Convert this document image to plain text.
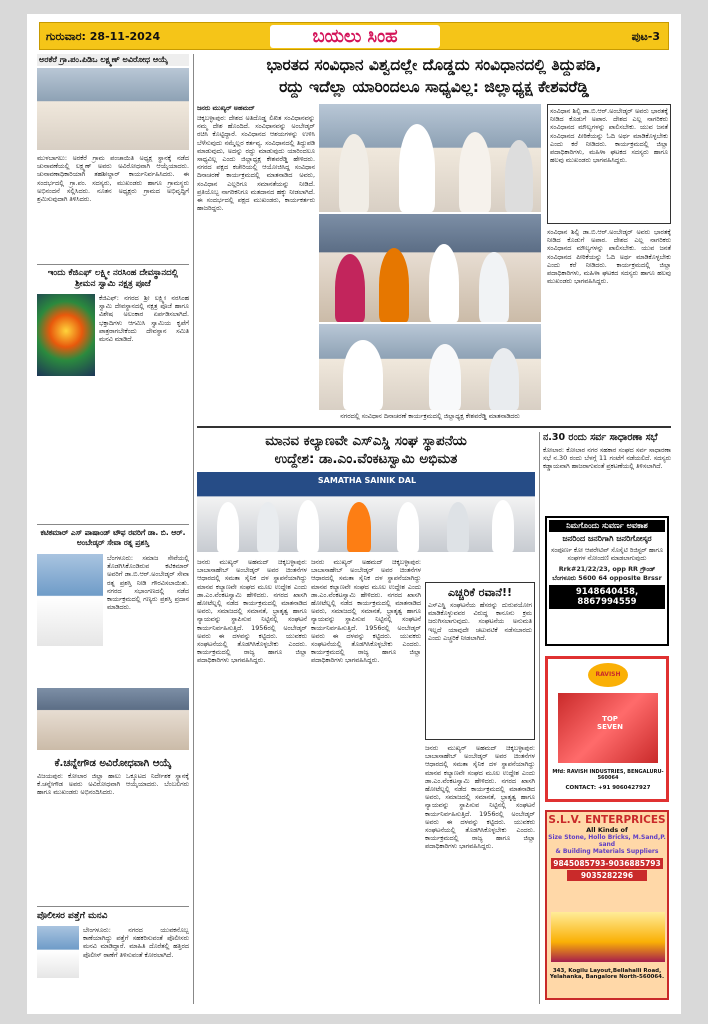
ಗುರುವಾರ: 28-11-2024	ಬಯಲು ಸಿಂಹ	ಪುಟ-3
ಅರಕೆರೆ ಗ್ರಾ.ಪಂ.ಪಿಡಿಒ ಲಕ್ಷ್ಮಣ್ ಅವಿರೋಧ ಆಯ್ಕೆ
ಮುಳಬಾಗಲು: ಅರಕೆರೆ ಗ್ರಾಮ ಪಂಚಾಯಿತಿ ಅಧ್ಯಕ್ಷ ಸ್ಥಾನಕ್ಕೆ ನಡೆದ ಚುನಾವಣೆಯಲ್ಲಿ ಲಕ್ಷ್ಮಣ್ ಅವರು ಅವಿರೋಧವಾಗಿ ಆಯ್ಕೆಯಾದರು. ಚುನಾವಣಾಧಿಕಾರಿಯಾಗಿ ತಹಶೀಲ್ದಾರ್ ಕಾರ್ಯನಿರ್ವಹಿಸಿದರು. ಈ ಸಂದರ್ಭದಲ್ಲಿ ಗ್ರಾ.ಪಂ. ಸದಸ್ಯರು, ಮುಖಂಡರು ಹಾಗೂ ಗ್ರಾಮಸ್ಥರು ಅಭಿನಂದನೆ ಸಲ್ಲಿಸಿದರು. ನೂತನ ಅಧ್ಯಕ್ಷರು ಗ್ರಾಮದ ಅಭಿವೃದ್ಧಿಗೆ ಶ್ರಮಿಸುವುದಾಗಿ ತಿಳಿಸಿದರು.
ಇಂದು ಕೆಜಿಎಫ್ ಲಕ್ಷ್ಮೀ ನರಸಿಂಹ ದೇವಸ್ಥಾನದಲ್ಲಿ ಶ್ರೀಮನ ಸ್ವಾಮಿ ನಕ್ಷತ್ರ ಪೂಜೆ
ಕೆಜಿಎಫ್: ನಗರದ ಶ್ರೀ ಲಕ್ಷ್ಮೀ ನರಸಿಂಹ ಸ್ವಾಮಿ ದೇವಸ್ಥಾನದಲ್ಲಿ ನಕ್ಷತ್ರ ಪೂಜೆ ಹಾಗೂ ವಿಶೇಷ ಅಲಂಕಾರ ಏರ್ಪಡಿಸಲಾಗಿದೆ. ಭಕ್ತಾದಿಗಳು ಆಗಮಿಸಿ ಸ್ವಾಮಿಯ ಕೃಪೆಗೆ ಪಾತ್ರರಾಗಬೇಕೆಂದು ದೇವಸ್ಥಾನ ಸಮಿತಿ ಮನವಿ ಮಾಡಿದೆ.
ಕಟಿಕಮಾರ್ ಎಸ್ ಪಾಷಾಂಡ್ ಟೌಫ ರವರಿಗೆ ಡಾ. ಬಿ. ಆರ್. ಅಂಬೇಡ್ಕರ್ ಸೇವಾ ರತ್ನ ಪ್ರಶಸ್ತಿ
ಬೆಂಗಳೂರು: ಸಮಾಜ ಸೇವೆಯಲ್ಲಿ ತೊಡಗಿಸಿಕೊಂಡಿರುವ ಕಟಿಕಮಾರ್ ಅವರಿಗೆ ಡಾ.ಬಿ.ಆರ್.ಅಂಬೇಡ್ಕರ್ ಸೇವಾ ರತ್ನ ಪ್ರಶಸ್ತಿ ನೀಡಿ ಗೌರವಿಸಲಾಯಿತು. ನಗರದ ಸಭಾಂಗಣದಲ್ಲಿ ನಡೆದ ಕಾರ್ಯಕ್ರಮದಲ್ಲಿ ಗಣ್ಯರು ಪ್ರಶಸ್ತಿ ಪ್ರದಾನ ಮಾಡಿದರು.
ಕೆ.ಚನ್ನೇಗೌಡ ಅವಿರೋಧವಾಗಿ ಆಯ್ಕೆ
ವಿಜಯಪುರ: ಕೋಲಾರ ಜಿಲ್ಲಾ ಹಾಲು ಒಕ್ಕೂಟದ ನಿರ್ದೇಶಕ ಸ್ಥಾನಕ್ಕೆ ಕೆ.ಚನ್ನೇಗೌಡ ಅವರು ಅವಿರೋಧವಾಗಿ ಆಯ್ಕೆಯಾದರು. ಬೆಂಬಲಿಗರು ಹಾಗೂ ಮುಖಂಡರು ಅಭಿನಂದಿಸಿದರು.
ಪೊಲೀಸರ ಪತ್ತೆಗೆ ಮನವಿ
ಬೇಂಗಳೂರು: ನಗರದ ಯುವಕನೊಬ್ಬ ಕಾಣೆಯಾಗಿದ್ದು ಪತ್ತೆಗೆ ಸಹಕರಿಸುವಂತೆ ಪೊಲೀಸರು ಮನವಿ ಮಾಡಿದ್ದಾರೆ. ಮಾಹಿತಿ ದೊರೆತಲ್ಲಿ ಹತ್ತಿರದ ಪೊಲೀಸ್ ಠಾಣೆಗೆ ತಿಳಿಸುವಂತೆ ಕೋರಲಾಗಿದೆ.
ಭಾರತದ ಸಂವಿಧಾನ ವಿಶ್ವದಲ್ಲೇ ದೊಡ್ಡದು ಸಂವಿಧಾನದಲ್ಲಿ ತಿದ್ದುಪಡಿ,
ರದ್ದು ಇದೆಲ್ಲಾ ಯಾರಿಂದಲೂ ಸಾಧ್ಯವಿಲ್ಲ: ಜಿಲ್ಲಾಧ್ಯಕ್ಷ ಕೇಶವರೆಡ್ಡಿ
ಜನರು ಮುಖ್ಯರ್ ಅಹಮದ್
ಚಿಕ್ಕಬಳ್ಳಾಪುರ: ದೇಶದ ಅತಿದೊಡ್ಡ ಲಿಖಿತ ಸಂವಿಧಾನವನ್ನು ನಮ್ಮ ದೇಶ ಹೊಂದಿದೆ. ಸಂವಿಧಾನವನ್ನು ಅಂಬೇಡ್ಕರ್ ರಚಿಸಿ ಕೊಟ್ಟಿದ್ದಾರೆ. ಸಂವಿಧಾನದ ಆಶಯಗಳನ್ನು ಉಳಿಸಿ ಬೆಳೆಸುವುದು ನಮ್ಮೆಲ್ಲರ ಕರ್ತವ್ಯ. ಸಂವಿಧಾನದಲ್ಲಿ ತಿದ್ದುಪಡಿ ಮಾಡುವುದು, ಅದನ್ನು ರದ್ದು ಮಾಡುವುದು ಯಾರಿಂದಲೂ ಸಾಧ್ಯವಿಲ್ಲ ಎಂದು ಜಿಲ್ಲಾಧ್ಯಕ್ಷ ಕೇಶವರೆಡ್ಡಿ ಹೇಳಿದರು. ನಗರದ ಪಕ್ಷದ ಕಚೇರಿಯಲ್ಲಿ ಆಯೋಜಿಸಿದ್ದ ಸಂವಿಧಾನ ದಿನಾಚರಣೆ ಕಾರ್ಯಕ್ರಮದಲ್ಲಿ ಮಾತನಾಡಿದ ಅವರು, ಸಂವಿಧಾನ ಎಲ್ಲರಿಗೂ ಸಮಾನತೆಯನ್ನು ನೀಡಿದೆ. ಪ್ರತಿಯೊಬ್ಬ ನಾಗರಿಕನಿಗೂ ಮತದಾನದ ಹಕ್ಕು ನೀಡಲಾಗಿದೆ. ಈ ಸಂದರ್ಭದಲ್ಲಿ ಪಕ್ಷದ ಮುಖಂಡರು, ಕಾರ್ಯಕರ್ತರು ಹಾಜರಿದ್ದರು.
ನಗರದಲ್ಲಿ ಸಂವಿಧಾನ ದಿನಾಚರಣೆ ಕಾರ್ಯಕ್ರಮದಲ್ಲಿ ಜಿಲ್ಲಾಧ್ಯಕ್ಷ ಕೇಶವರೆಡ್ಡಿ ಮಾತನಾಡಿದರು
ಸಂವಿಧಾನ ಶಿಲ್ಪಿ ಡಾ.ಬಿ.ಆರ್.ಅಂಬೇಡ್ಕರ್ ಅವರು ಭಾರತಕ್ಕೆ ನೀಡಿದ ಕೊಡುಗೆ ಅಪಾರ. ದೇಶದ ಎಲ್ಲ ನಾಗರಿಕರು ಸಂವಿಧಾನದ ಮೌಲ್ಯಗಳನ್ನು ಪಾಲಿಸಬೇಕು. ಯುವ ಜನತೆ ಸಂವಿಧಾನದ ಪೀಠಿಕೆಯನ್ನು ಓದಿ ಅರ್ಥ ಮಾಡಿಕೊಳ್ಳಬೇಕು ಎಂದು ಕರೆ ನೀಡಿದರು. ಕಾರ್ಯಕ್ರಮದಲ್ಲಿ ಜಿಲ್ಲಾ ಪದಾಧಿಕಾರಿಗಳು, ಮಹಿಳಾ ಘಟಕದ ಸದಸ್ಯರು ಹಾಗೂ ಹಲವು ಮುಖಂಡರು ಭಾಗವಹಿಸಿದ್ದರು.
ಸಂವಿಧಾನ ಶಿಲ್ಪಿ ಡಾ.ಬಿ.ಆರ್.ಅಂಬೇಡ್ಕರ್ ಅವರು ಭಾರತಕ್ಕೆ ನೀಡಿದ ಕೊಡುಗೆ ಅಪಾರ. ದೇಶದ ಎಲ್ಲ ನಾಗರಿಕರು ಸಂವಿಧಾನದ ಮೌಲ್ಯಗಳನ್ನು ಪಾಲಿಸಬೇಕು. ಯುವ ಜನತೆ ಸಂವಿಧಾನದ ಪೀಠಿಕೆಯನ್ನು ಓದಿ ಅರ್ಥ ಮಾಡಿಕೊಳ್ಳಬೇಕು ಎಂದು ಕರೆ ನೀಡಿದರು. ಕಾರ್ಯಕ್ರಮದಲ್ಲಿ ಜಿಲ್ಲಾ ಪದಾಧಿಕಾರಿಗಳು, ಮಹಿಳಾ ಘಟಕದ ಸದಸ್ಯರು ಹಾಗೂ ಹಲವು ಮುಖಂಡರು ಭಾಗವಹಿಸಿದ್ದರು.
ಮಾನವ ಕಲ್ಯಾಣವೇ ಎಸ್ಎಸ್ಡಿ ಸಂಘ ಸ್ಥಾಪನೆಯ
ಉದ್ದೇಶ: ಡಾ.ಎಂ.ವೆಂಕಟಸ್ವಾಮಿ ಅಭಿಮತ
SAMATHA SAINIK DAL
ಜನರು ಮುಖ್ಯರ್ ಅಹಮದ್ ಚಿಕ್ಕಬಳ್ಳಾಪುರ: ಬಾಬಾಸಾಹೇಬ್ ಅಂಬೇಡ್ಕರ್ ಅವರ ಚಿಂತನೆಗಳ ಆಧಾರದಲ್ಲಿ ಸಮತಾ ಸೈನಿಕ ದಳ ಸ್ಥಾಪನೆಯಾಗಿದ್ದು ಮಾನವ ಕಲ್ಯಾಣವೇ ಸಂಘದ ಮೂಲ ಉದ್ದೇಶ ಎಂದು ಡಾ.ಎಂ.ವೆಂಕಟಸ್ವಾಮಿ ಹೇಳಿದರು. ನಗರದ ಖಾಸಗಿ ಹೋಟೆಲ್ನಲ್ಲಿ ನಡೆದ ಕಾರ್ಯಕ್ರಮದಲ್ಲಿ ಮಾತನಾಡಿದ ಅವರು, ಸಮಾಜದಲ್ಲಿ ಸಮಾನತೆ, ಭ್ರಾತೃತ್ವ ಹಾಗೂ ನ್ಯಾಯವನ್ನು ಸ್ಥಾಪಿಸುವ ನಿಟ್ಟಿನಲ್ಲಿ ಸಂಘಟನೆ ಕಾರ್ಯನಿರ್ವಹಿಸುತ್ತಿದೆ. 1956ರಲ್ಲಿ ಅಂಬೇಡ್ಕರ್ ಅವರು ಈ ದಳವನ್ನು ಕಟ್ಟಿದರು. ಯುವಕರು ಸಂಘಟನೆಯಲ್ಲಿ ತೊಡಗಿಸಿಕೊಳ್ಳಬೇಕು ಎಂದರು. ಕಾರ್ಯಕ್ರಮದಲ್ಲಿ ರಾಜ್ಯ ಹಾಗೂ ಜಿಲ್ಲಾ ಪದಾಧಿಕಾರಿಗಳು ಭಾಗವಹಿಸಿದ್ದರು.
ಜನರು ಮುಖ್ಯರ್ ಅಹಮದ್ ಚಿಕ್ಕಬಳ್ಳಾಪುರ: ಬಾಬಾಸಾಹೇಬ್ ಅಂಬೇಡ್ಕರ್ ಅವರ ಚಿಂತನೆಗಳ ಆಧಾರದಲ್ಲಿ ಸಮತಾ ಸೈನಿಕ ದಳ ಸ್ಥಾಪನೆಯಾಗಿದ್ದು ಮಾನವ ಕಲ್ಯಾಣವೇ ಸಂಘದ ಮೂಲ ಉದ್ದೇಶ ಎಂದು ಡಾ.ಎಂ.ವೆಂಕಟಸ್ವಾಮಿ ಹೇಳಿದರು. ನಗರದ ಖಾಸಗಿ ಹೋಟೆಲ್ನಲ್ಲಿ ನಡೆದ ಕಾರ್ಯಕ್ರಮದಲ್ಲಿ ಮಾತನಾಡಿದ ಅವರು, ಸಮಾಜದಲ್ಲಿ ಸಮಾನತೆ, ಭ್ರಾತೃತ್ವ ಹಾಗೂ ನ್ಯಾಯವನ್ನು ಸ್ಥಾಪಿಸುವ ನಿಟ್ಟಿನಲ್ಲಿ ಸಂಘಟನೆ ಕಾರ್ಯನಿರ್ವಹಿಸುತ್ತಿದೆ. 1956ರಲ್ಲಿ ಅಂಬೇಡ್ಕರ್ ಅವರು ಈ ದಳವನ್ನು ಕಟ್ಟಿದರು. ಯುವಕರು ಸಂಘಟನೆಯಲ್ಲಿ ತೊಡಗಿಸಿಕೊಳ್ಳಬೇಕು ಎಂದರು. ಕಾರ್ಯಕ್ರಮದಲ್ಲಿ ರಾಜ್ಯ ಹಾಗೂ ಜಿಲ್ಲಾ ಪದಾಧಿಕಾರಿಗಳು ಭಾಗವಹಿಸಿದ್ದರು.
ಎಚ್ಚರಿಕೆ ರವಾನೆ!!
ಎಸ್ಎಸ್ಡಿ ಸಂಘಟನೆಯ ಹೆಸರನ್ನು ದುರುಪಯೋಗ ಮಾಡಿಕೊಳ್ಳುವವರ ವಿರುದ್ಧ ಕಾನೂನು ಕ್ರಮ ಜರುಗಿಸಲಾಗುವುದು. ಸಂಘಟನೆಯ ಅನುಮತಿ ಇಲ್ಲದೆ ಯಾವುದೇ ಚಟುವಟಿಕೆ ನಡೆಸಬಾರದು ಎಂದು ಎಚ್ಚರಿಕೆ ನೀಡಲಾಗಿದೆ.
ಜನರು ಮುಖ್ಯರ್ ಅಹಮದ್ ಚಿಕ್ಕಬಳ್ಳಾಪುರ: ಬಾಬಾಸಾಹೇಬ್ ಅಂಬೇಡ್ಕರ್ ಅವರ ಚಿಂತನೆಗಳ ಆಧಾರದಲ್ಲಿ ಸಮತಾ ಸೈನಿಕ ದಳ ಸ್ಥಾಪನೆಯಾಗಿದ್ದು ಮಾನವ ಕಲ್ಯಾಣವೇ ಸಂಘದ ಮೂಲ ಉದ್ದೇಶ ಎಂದು ಡಾ.ಎಂ.ವೆಂಕಟಸ್ವಾಮಿ ಹೇಳಿದರು. ನಗರದ ಖಾಸಗಿ ಹೋಟೆಲ್ನಲ್ಲಿ ನಡೆದ ಕಾರ್ಯಕ್ರಮದಲ್ಲಿ ಮಾತನಾಡಿದ ಅವರು, ಸಮಾಜದಲ್ಲಿ ಸಮಾನತೆ, ಭ್ರಾತೃತ್ವ ಹಾಗೂ ನ್ಯಾಯವನ್ನು ಸ್ಥಾಪಿಸುವ ನಿಟ್ಟಿನಲ್ಲಿ ಸಂಘಟನೆ ಕಾರ್ಯನಿರ್ವಹಿಸುತ್ತಿದೆ. 1956ರಲ್ಲಿ ಅಂಬೇಡ್ಕರ್ ಅವರು ಈ ದಳವನ್ನು ಕಟ್ಟಿದರು. ಯುವಕರು ಸಂಘಟನೆಯಲ್ಲಿ ತೊಡಗಿಸಿಕೊಳ್ಳಬೇಕು ಎಂದರು. ಕಾರ್ಯಕ್ರಮದಲ್ಲಿ ರಾಜ್ಯ ಹಾಗೂ ಜಿಲ್ಲಾ ಪದಾಧಿಕಾರಿಗಳು ಭಾಗವಹಿಸಿದ್ದರು.
ನ.30 ರಂದು ಸರ್ವ ಸಾಧಾರಣಾ ಸಭೆ
ಕೋಲಾರ: ಕೋಲಾರ ನಗರ ಸಹಕಾರ ಸಂಘದ ಸರ್ವ ಸಾಧಾರಣಾ ಸಭೆ ನ.30 ರಂದು ಬೆಳಗ್ಗೆ 11 ಗಂಟೆಗೆ ನಡೆಯಲಿದೆ. ಸದಸ್ಯರು ಕಡ್ಡಾಯವಾಗಿ ಹಾಜರಾಗುವಂತೆ ಪ್ರಕಟಣೆಯಲ್ಲಿ ತಿಳಿಸಲಾಗಿದೆ.
ನಿಮಗೊಂದು ಸುವರ್ಣ ಅವಕಾಶ
ಜನರಿಂದ ಜನರಿಗಾಗಿ ಜನರಿಗೋಸ್ಕರ
ಸಂಪೂರ್ಣ ಕೋ ಆಪರೇಟಿವ್ ಸೊಸೈಟಿ ರಿಜಿಸ್ಟರ್ ಹಾಗೂ ಸಂಘಗಳ ನೋಂದಣಿ ಮಾಡಲಾಗುವುದು
Rrk#21/22/23, opp RR ಗ್ರೌಂಡ್ ಬೆಂಗಳೂರು 5600 64 opposite Brssr
9148640458, 8867994559
RAVISH
TOP SEVEN
Mfd: RAVISH INDUSTRIES, BENGALURU-560064
CONTACT: +91 9060427927
S.L.V. ENTERPRICES
All Kinds of
Size Stone, Hollo Bricks, M.Sand,P. sand
& Building Materials Suppliers
9845085793-9036885793
9035282296
343, Kogilu Layout,Bellahalli Road, Yelahanka, Bangalore North-560064.
